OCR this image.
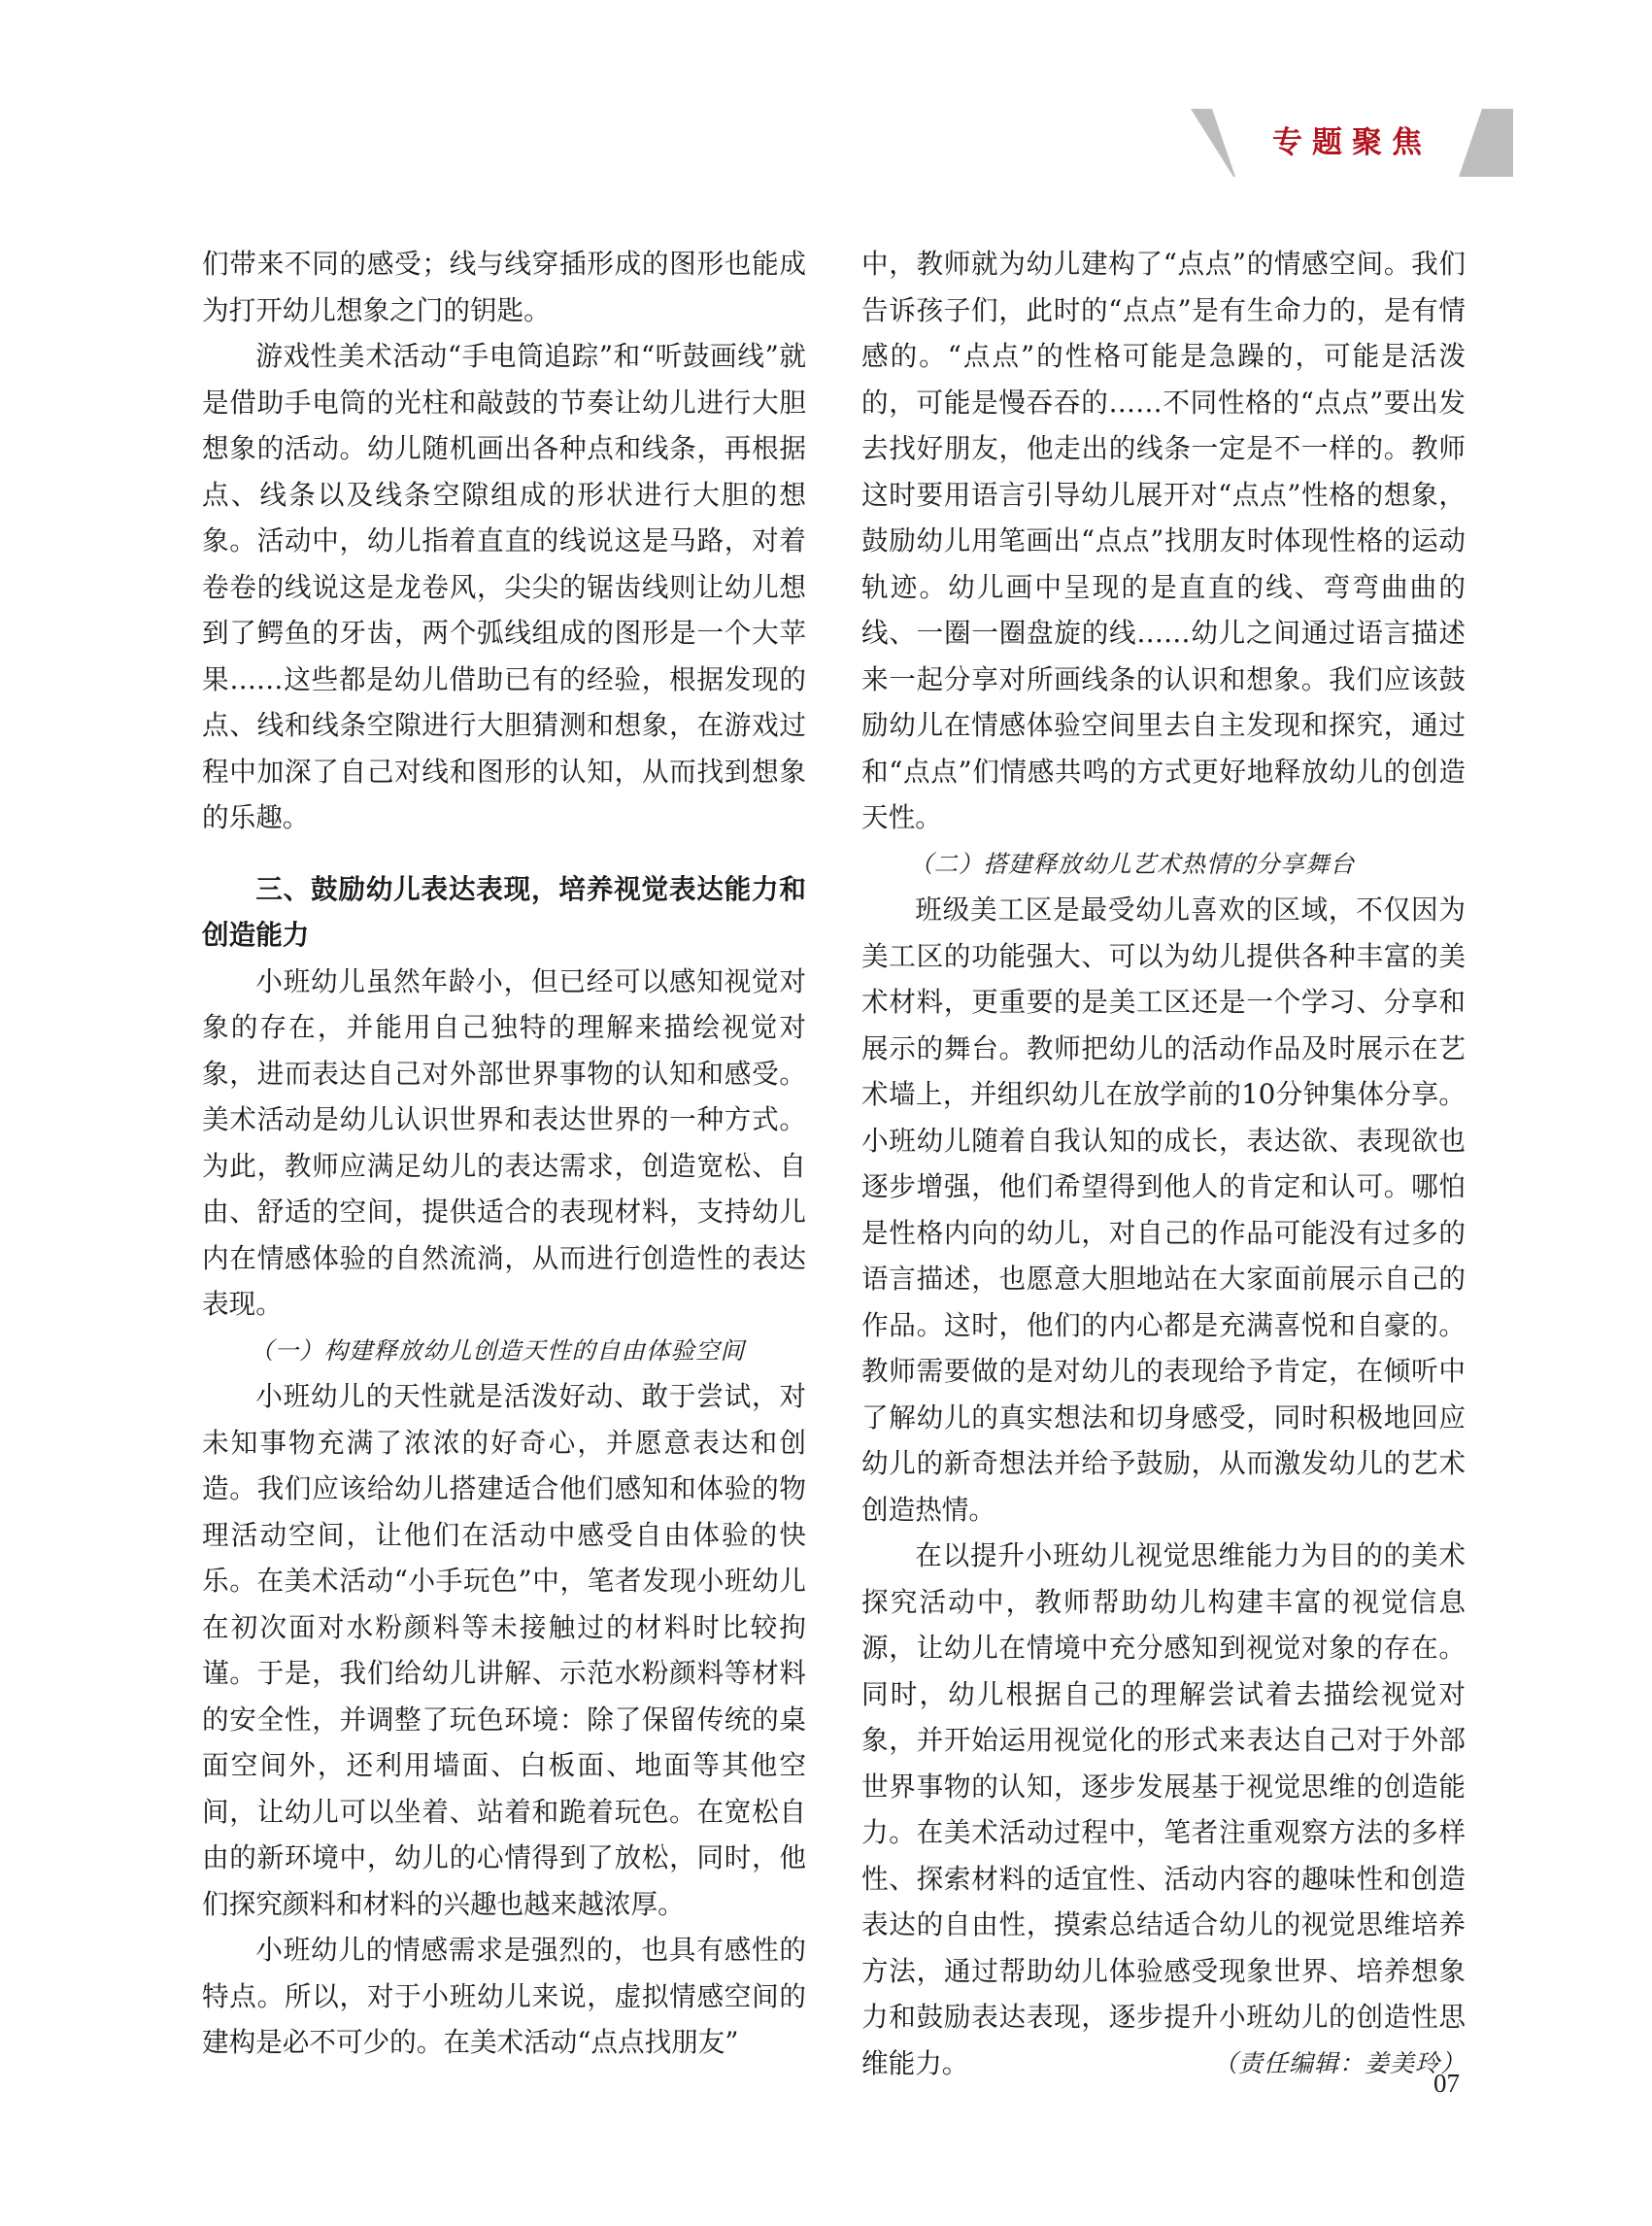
专题聚焦

们带来不同的感受；线与线穿插形成的图形也能成为打开幼儿想象之门的钥匙。

游戏性美术活动“手电筒追踪”和“听鼓画线”就是借助手电筒的光柱和敲鼓的节奏让幼儿进行大胆想象的活动。幼儿随机画出各种点和线条，再根据点、线条以及线条空隙组成的形状进行大胆的想象。活动中，幼儿指着直直的线说这是马路，对着卷卷的线说这是龙卷风，尖尖的锯齿线则让幼儿想到了鳄鱼的牙齿，两个弧线组成的图形是一个大苹果……这些都是幼儿借助已有的经验，根据发现的点、线和线条空隙进行大胆猜测和想象，在游戏过程中加深了自己对线和图形的认知，从而找到想象的乐趣。

三、鼓励幼儿表达表现，培养视觉表达能力和创造能力

小班幼儿虽然年龄小，但已经可以感知视觉对象的存在，并能用自己独特的理解来描绘视觉对象，进而表达自己对外部世界事物的认知和感受。美术活动是幼儿认识世界和表达世界的一种方式。为此，教师应满足幼儿的表达需求，创造宽松、自由、舒适的空间，提供适合的表现材料，支持幼儿内在情感体验的自然流淌，从而进行创造性的表达表现。

（一）构建释放幼儿创造天性的自由体验空间

小班幼儿的天性就是活泼好动、敢于尝试，对未知事物充满了浓浓的好奇心，并愿意表达和创造。我们应该给幼儿搭建适合他们感知和体验的物理活动空间，让他们在活动中感受自由体验的快乐。在美术活动“小手玩色”中，笔者发现小班幼儿在初次面对水粉颜料等未接触过的材料时比较拘谨。于是，我们给幼儿讲解、示范水粉颜料等材料的安全性，并调整了玩色环境：除了保留传统的桌面空间外，还利用墙面、白板面、地面等其他空间，让幼儿可以坐着、站着和跪着玩色。在宽松自由的新环境中，幼儿的心情得到了放松，同时，他们探究颜料和材料的兴趣也越来越浓厚。

小班幼儿的情感需求是强烈的，也具有感性的特点。所以，对于小班幼儿来说，虚拟情感空间的建构是必不可少的。在美术活动“点点找朋友”

中，教师就为幼儿建构了“点点”的情感空间。我们告诉孩子们，此时的“点点”是有生命力的，是有情感的。“点点”的性格可能是急躁的，可能是活泼的，可能是慢吞吞的……不同性格的“点点”要出发去找好朋友，他走出的线条一定是不一样的。教师这时要用语言引导幼儿展开对“点点”性格的想象，鼓励幼儿用笔画出“点点”找朋友时体现性格的运动轨迹。幼儿画中呈现的是直直的线、弯弯曲曲的线、一圈一圈盘旋的线……幼儿之间通过语言描述来一起分享对所画线条的认识和想象。我们应该鼓励幼儿在情感体验空间里去自主发现和探究，通过和“点点”们情感共鸣的方式更好地释放幼儿的创造天性。

（二）搭建释放幼儿艺术热情的分享舞台

班级美工区是最受幼儿喜欢的区域，不仅因为美工区的功能强大、可以为幼儿提供各种丰富的美术材料，更重要的是美工区还是一个学习、分享和展示的舞台。教师把幼儿的活动作品及时展示在艺术墙上，并组织幼儿在放学前的10分钟集体分享。小班幼儿随着自我认知的成长，表达欲、表现欲也逐步增强，他们希望得到他人的肯定和认可。哪怕是性格内向的幼儿，对自己的作品可能没有过多的语言描述，也愿意大胆地站在大家面前展示自己的作品。这时，他们的内心都是充满喜悦和自豪的。教师需要做的是对幼儿的表现给予肯定，在倾听中了解幼儿的真实想法和切身感受，同时积极地回应幼儿的新奇想法并给予鼓励，从而激发幼儿的艺术创造热情。

在以提升小班幼儿视觉思维能力为目的的美术探究活动中，教师帮助幼儿构建丰富的视觉信息源，让幼儿在情境中充分感知到视觉对象的存在。同时，幼儿根据自己的理解尝试着去描绘视觉对象，并开始运用视觉化的形式来表达自己对于外部世界事物的认知，逐步发展基于视觉思维的创造能力。在美术活动过程中，笔者注重观察方法的多样性、探索材料的适宜性、活动内容的趣味性和创造表达的自由性，摸索总结适合幼儿的视觉思维培养方法，通过帮助幼儿体验感受现象世界、培养想象力和鼓励表达表现，逐步提升小班幼儿的创造性思维能力。	（责任编辑：姜美玲）

07
